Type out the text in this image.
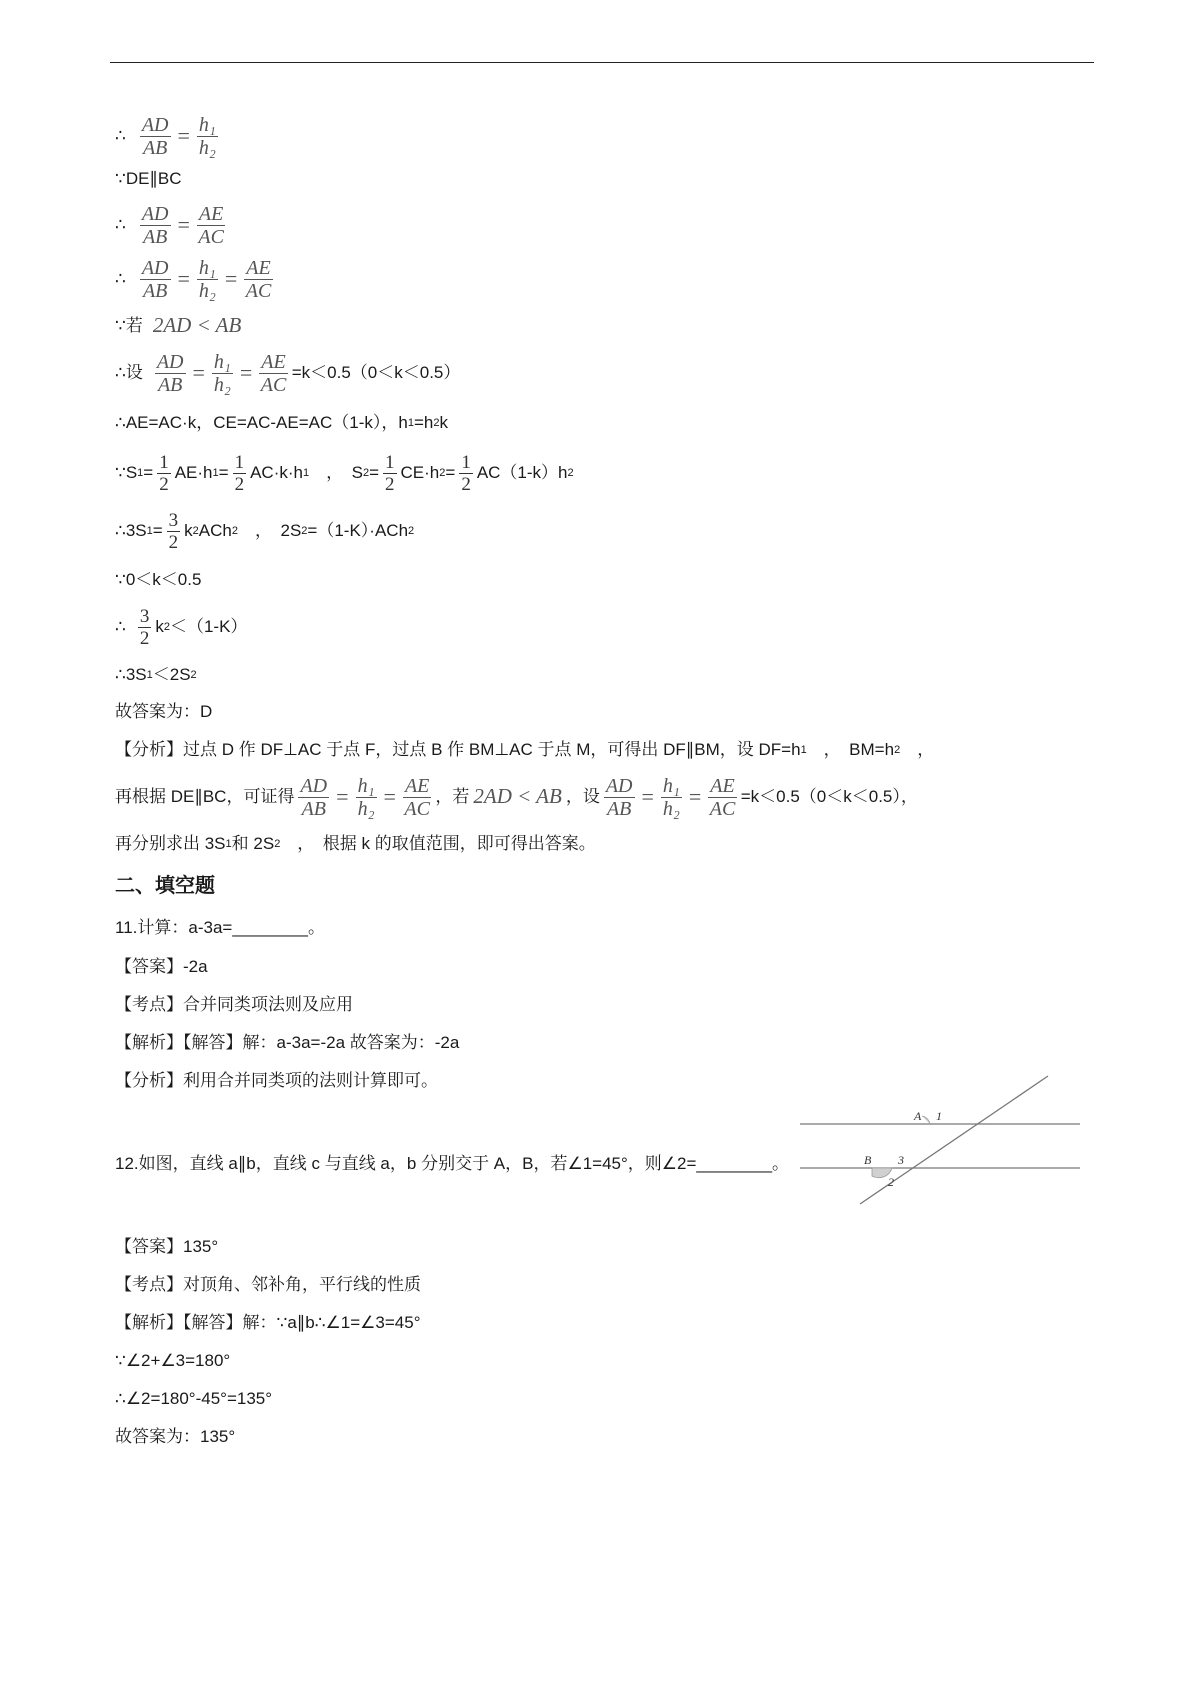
∴ $\frac{AD}{AB} = \frac{\text{h₁}}{\text{h₂}}$
∵DE∥BC
∴ $\frac{AD}{AB} = \frac{AE}{AC}$
∴ $\frac{AD}{AB} = \frac{\text{h₁}}{\text{h₂}} = \frac{AE}{AC}$
∵若 2AD < AB
∴设 $\frac{AD}{AB} = \frac{\text{h₁}}{\text{h₂}} = \frac{AE}{AC} =k<0.5(0<k<0.5)$
∴AE=AC·k，CE=AC-AE=AC（1-k），h 1 =h 2 k
∵S $1 = \frac{1}{2} AE\cdot h$ $1 = \frac{1}{2} AC\cdot k\cdot h$ 1 　，　S $2 = \frac{1}{2} CE\cdot h$ $2 = \frac{1}{2} AC(1-k)h$ 2
∴3S $1 = \frac{3}{2}$ k 2 ACh 2 　，　2S 2 =（1-K）·ACh 2
∵0＜k＜0.5
∴ $\frac{3}{2}$ k 2 ＜（1-K）
∴3S 1 ＜2S 2
故答案为：D
【分析】过点 D 作 DF⊥AC 于点 F，过点 B 作 BM⊥AC 于点 M，可得出 DF∥BM，设 DF=h 1 　，　BM=h 2 　，
再根据 DE∥BC，可证得 $\frac{AD}{AB} = \frac{\text{h₁}}{\text{h₂}} = \frac{AE}{AC}$ ，若 2AD < AB ，设 $\frac{AD}{AB} = \frac{\text{h₁}}{\text{h₂}} = \frac{AE}{AC} =k<0.5(0<k<0.5)$，
再分别求出 3S 1 和 2S 2 　，　根据 k 的取值范围，即可得出答案。
二、填空题
11.计算：a-3a=________。
【答案】-2a
【考点】合并同类项法则及应用
【解析】【解答】解：a-3a=-2a 故答案为：-2a
【分析】利用合并同类项的法则计算即可。
12.如图，直线 a∥b，直线 c 与直线 a，b 分别交于 A，B，若∠1=45°，则∠2=________。
【答案】135°
【考点】对顶角、邻补角，平行线的性质
【解析】【解答】解：∵a∥b∴∠1=∠3=45°
∵∠2+∠3=180°
∴∠2=180°-45°=135°
故答案为：135°
A 1
B 3
2
